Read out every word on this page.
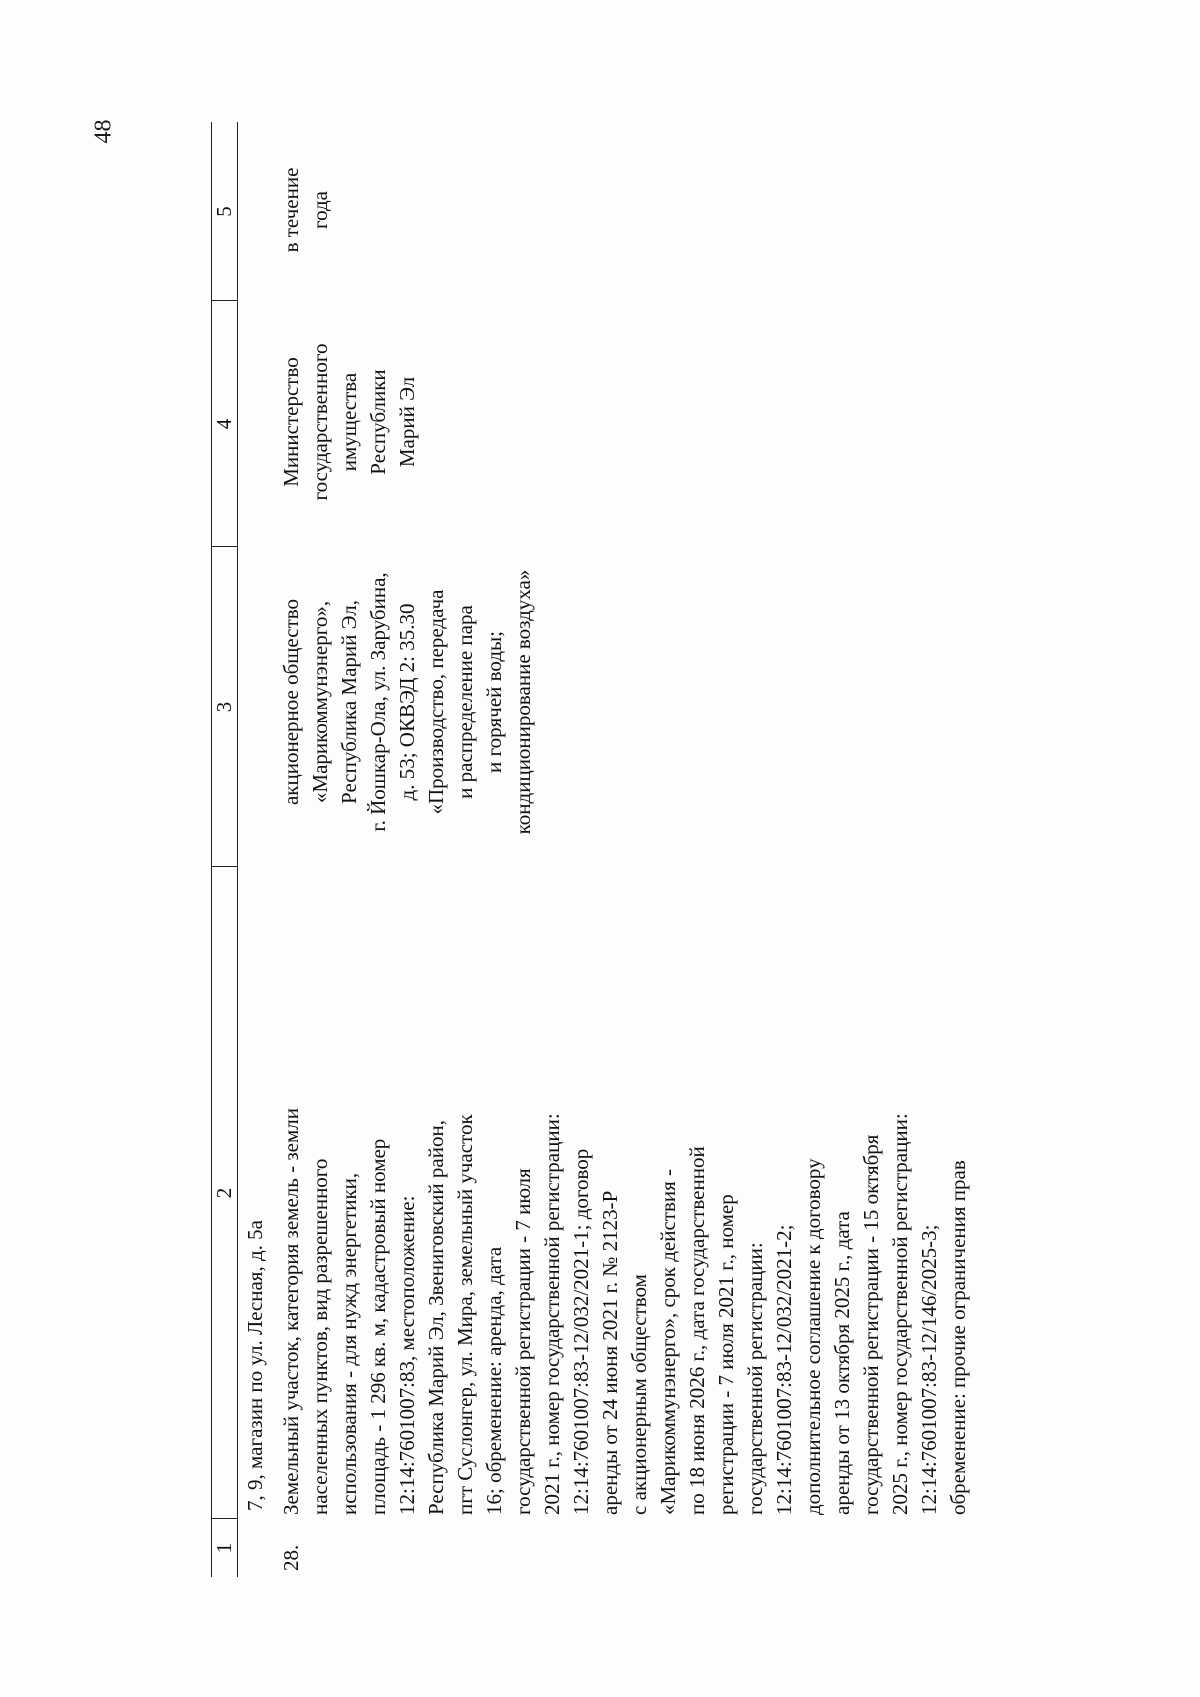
48
1
2
3
4
5
7, 9, магазин по ул. Лесная, д. 5а
28.
Земельный участок, категория земель - земли населенных пунктов, вид разрешенного использования - для нужд энергетики, площадь - 1 296 кв. м, кадастровый номер 12:14:7601007:83, местоположение: Республика Марий Эл, Звениговский район, пгт Суслонгер, ул. Мира, земельный участок 16; обременение: аренда, дата государственной регистрации - 7 июля 2021 г., номер государственной регистрации: 12:14:7601007:83-12/032/2021-1; договор аренды от 24 июня 2021 г. № 2123-Р с акционерным обществом «Марикоммунэнерго», срок действия - по 18 июня 2026 г., дата государственной регистрации - 7 июля 2021 г., номер государственной регистрации: 12:14:7601007:83-12/032/2021-2; дополнительное соглашение к договору аренды от 13 октября 2025 г., дата государственной регистрации - 15 октября 2025 г., номер государственной регистрации: 12:14:7601007:83-12/146/2025-3; обременение: прочие ограничения прав
акционерное общество «Марикоммунэнерго», Республика Марий Эл, г. Йошкар-Ола, ул. Зарубина, д. 53; ОКВЭД 2: 35.30 «Производство, передача и распределение пара и горячей воды; кондиционирование воздуха»
Министерство государственного имущества Республики Марий Эл
в течение года
